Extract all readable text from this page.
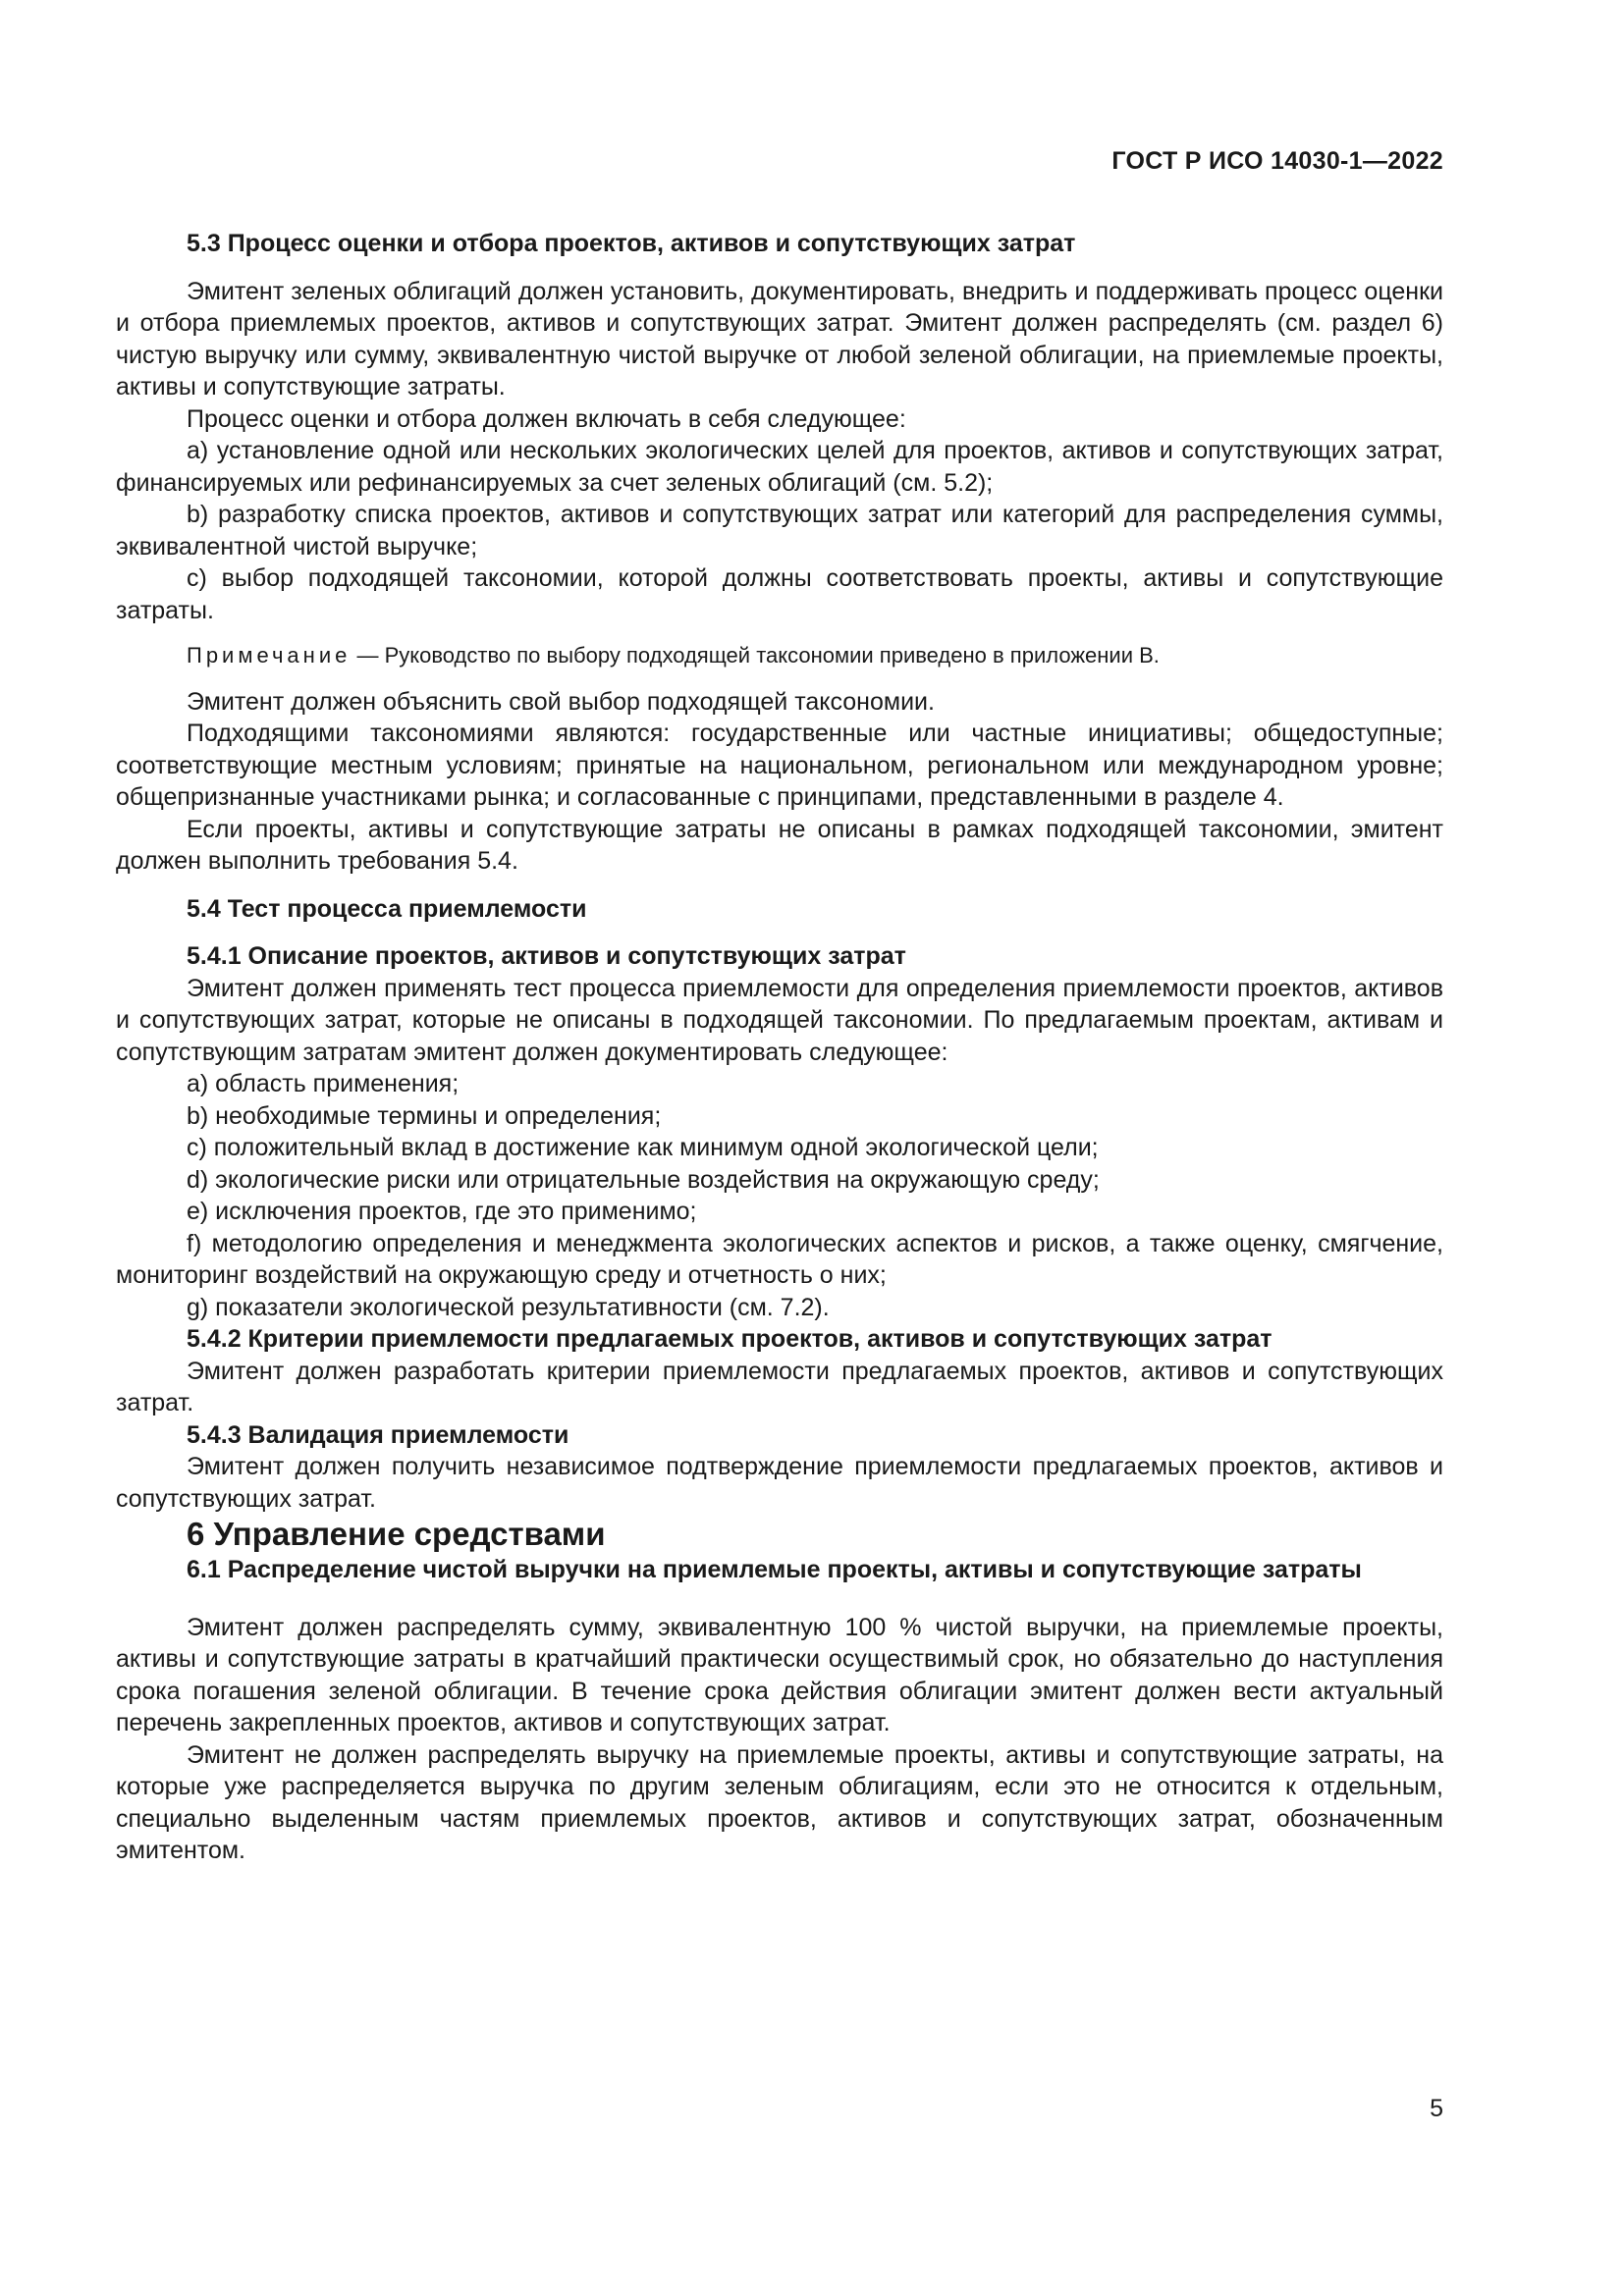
ГОСТ Р ИСО 14030-1—2022

5.3 Процесс оценки и отбора проектов, активов и сопутствующих затрат

Эмитент зеленых облигаций должен установить, документировать, внедрить и поддерживать процесс оценки и отбора приемлемых проектов, активов и сопутствующих затрат. Эмитент должен распределять (см. раздел 6) чистую выручку или сумму, эквивалентную чистой выручке от любой зеленой облигации, на приемлемые проекты, активы и сопутствующие затраты.

Процесс оценки и отбора должен включать в себя следующее:

a) установление одной или нескольких экологических целей для проектов, активов и сопутствующих затрат, финансируемых или рефинансируемых за счет зеленых облигаций (см. 5.2);

b) разработку списка проектов, активов и сопутствующих затрат или категорий для распределения суммы, эквивалентной чистой выручке;

c) выбор подходящей таксономии, которой должны соответствовать проекты, активы и сопутствующие затраты.

Примечание — Руководство по выбору подходящей таксономии приведено в приложении В.

Эмитент должен объяснить свой выбор подходящей таксономии.

Подходящими таксономиями являются: государственные или частные инициативы; общедоступные; соответствующие местным условиям; принятые на национальном, региональном или международном уровне; общепризнанные участниками рынка; и согласованные с принципами, представленными в разделе 4.

Если проекты, активы и сопутствующие затраты не описаны в рамках подходящей таксономии, эмитент должен выполнить требования 5.4.

5.4 Тест процесса приемлемости

5.4.1 Описание проектов, активов и сопутствующих затрат

Эмитент должен применять тест процесса приемлемости для определения приемлемости проектов, активов и сопутствующих затрат, которые не описаны в подходящей таксономии. По предлагаемым проектам, активам и сопутствующим затратам эмитент должен документировать следующее:

a) область применения;

b) необходимые термины и определения;

c) положительный вклад в достижение как минимум одной экологической цели;

d) экологические риски или отрицательные воздействия на окружающую среду;

e) исключения проектов, где это применимо;

f) методологию определения и менеджмента экологических аспектов и рисков, а также оценку, смягчение, мониторинг воздействий на окружающую среду и отчетность о них;

g) показатели экологической результативности (см. 7.2).

5.4.2 Критерии приемлемости предлагаемых проектов, активов и сопутствующих затрат

Эмитент должен разработать критерии приемлемости предлагаемых проектов, активов и сопутствующих затрат.

5.4.3 Валидация приемлемости

Эмитент должен получить независимое подтверждение приемлемости предлагаемых проектов, активов и сопутствующих затрат.

6 Управление средствами

6.1 Распределение чистой выручки на приемлемые проекты, активы и сопутствующие затраты

Эмитент должен распределять сумму, эквивалентную 100 % чистой выручки, на приемлемые проекты, активы и сопутствующие затраты в кратчайший практически осуществимый срок, но обязательно до наступления срока погашения зеленой облигации. В течение срока действия облигации эмитент должен вести актуальный перечень закрепленных проектов, активов и сопутствующих затрат.

Эмитент не должен распределять выручку на приемлемые проекты, активы и сопутствующие затраты, на которые уже распределяется выручка по другим зеленым облигациям, если это не относится к отдельным, специально выделенным частям приемлемых проектов, активов и сопутствующих затрат, обозначенным эмитентом.

5
